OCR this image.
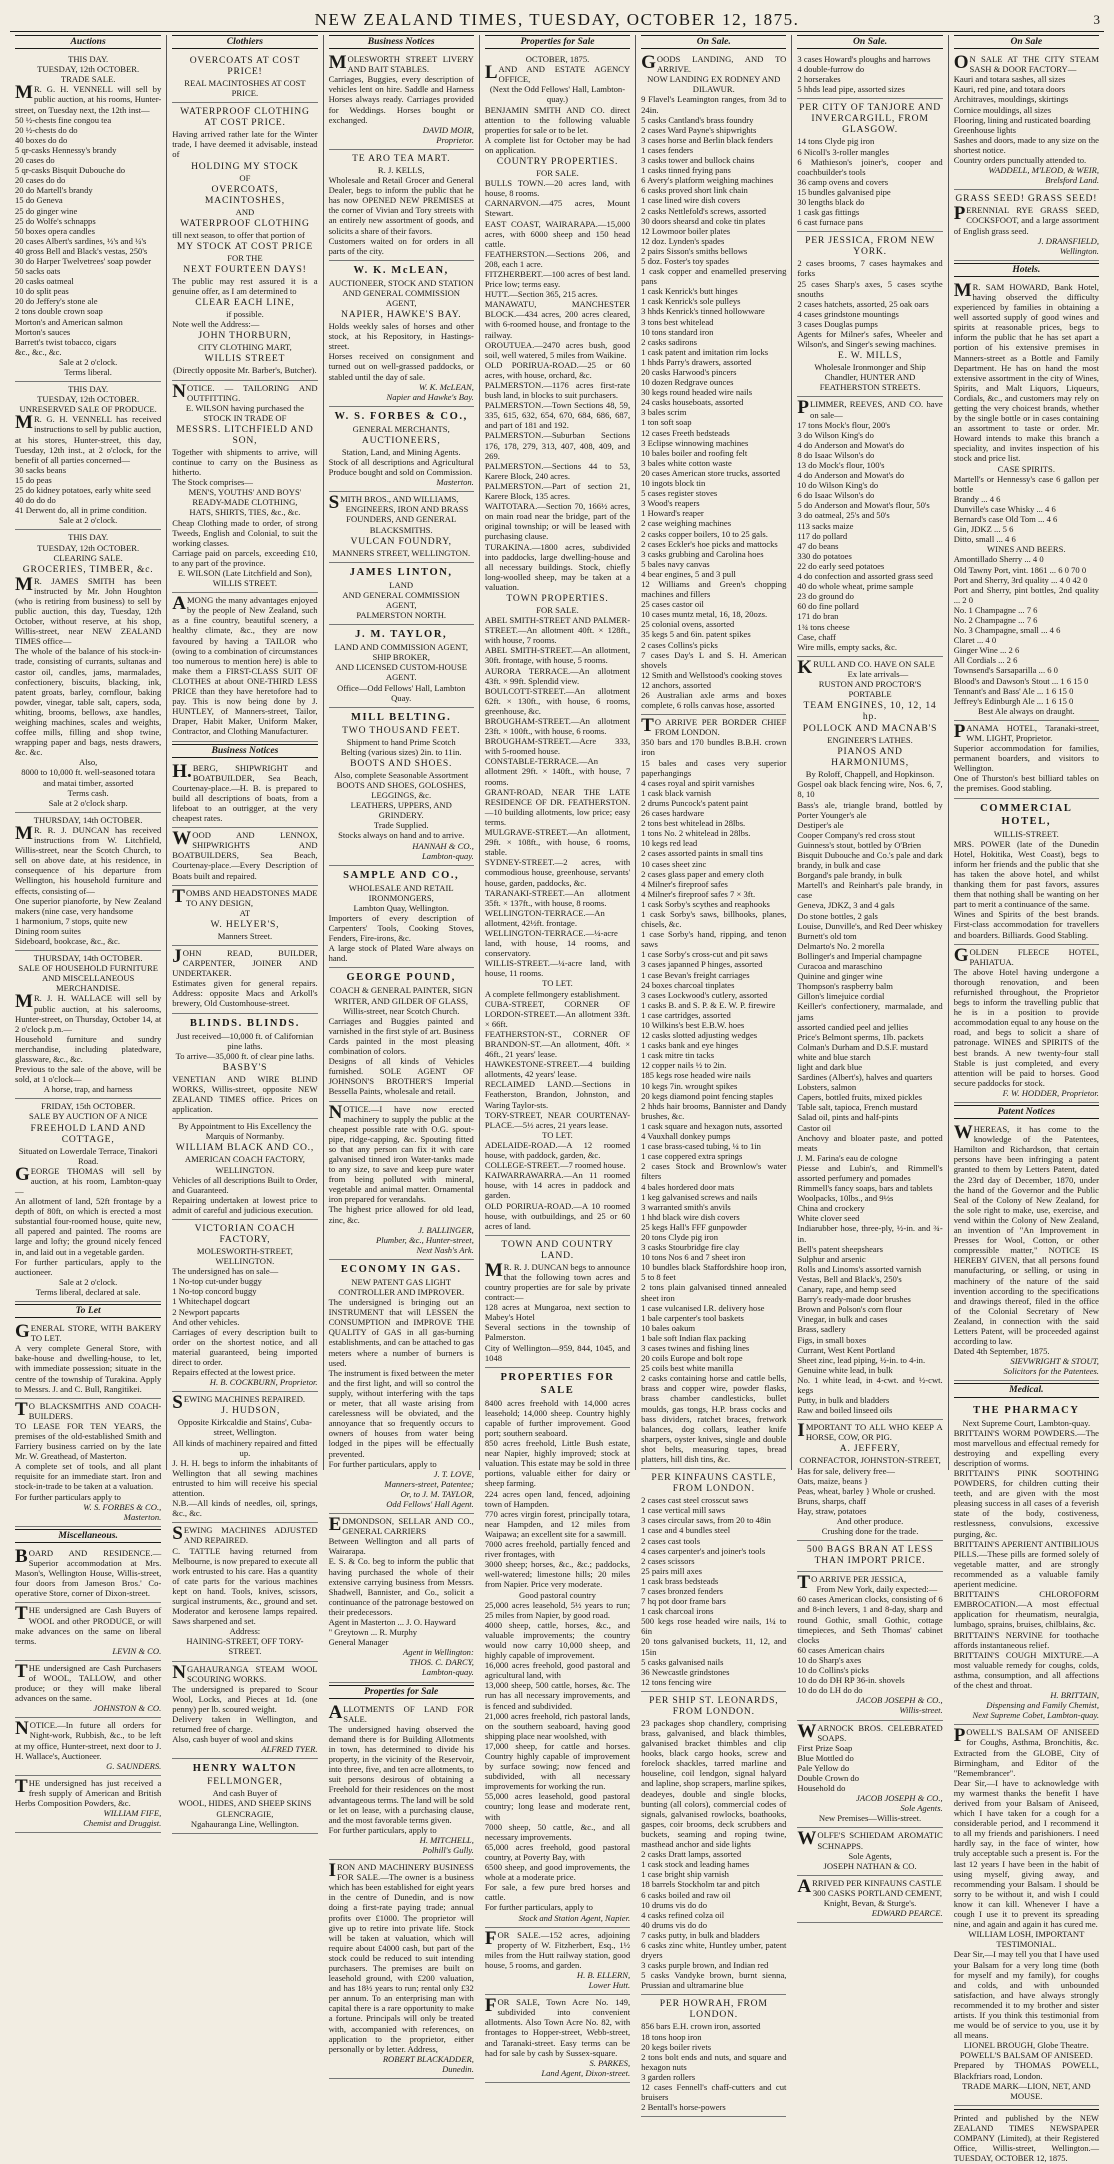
NEW ZEALAND TIMES, TUESDAY, OCTOBER 12, 1875.	3
Auctions

THIS DAY.

TUESDAY, 12th OCTOBER.

TRADE SALE.

MR. G. H. VENNELL will sell by public auction, at his rooms, Hunter-street, on Tuesday next, the 12th inst—

50 ½-chests fine congou tea
20 ½-chests do do
40 boxes do do
5 qr-casks Hennessy's brandy
20 cases do
5 qr-casks Bisquit Dubouche do
20 cases do do
20 do Martell's brandy
15 do Geneva
25 do ginger wine
25 do Wolfe's schnapps
50 boxes opera candles
20 cases Albert's sardines, ½'s and ¼'s
40 gross Bell and Black's vestas, 250's
30 do Harper Twelvetrees' soap powder
50 sacks oats
20 casks oatmeal
10 do split peas
20 do Jeffery's stone ale
2 tons double crown soap
Morton's and American salmon
Morton's sauces
Barrett's twist tobacco, cigars
&c., &c., &c.

Sale at 2 o'clock.

Terms liberal.

THIS DAY.

TUESDAY, 12th OCTOBER.

UNRESERVED SALE OF PRODUCE.

MR. G. H. VENNELL has received instructions to sell by public auction, at his stores, Hunter-street, this day, Tuesday, 12th inst., at 2 o'clock, for the benefit of all parties concerned—

30 sacks beans
15 do peas
25 do kidney potatoes, early white seed
40 do do do
41 Derwent do, all in prime condition.

Sale at 2 o'clock.

THIS DAY.

TUESDAY, 12th OCTOBER.

CLEARING SALE.

GROCERIES, TIMBER, &c.

MR. JAMES SMITH has been instructed by Mr. John Houghton (who is retiring from business) to sell by public auction, this day, Tuesday, 12th October, without reserve, at his shop, Willis-street, near NEW ZEALAND TIMES office—

The whole of the balance of his stock-in-trade, consisting of currants, sultanas and castor oil, candles, jams, marmalades, confectionery, biscuits, blacking, ink, patent groats, barley, cornflour, baking powder, vinegar, table salt, capers, soda, whiting, brooms, bellows, axe handles, weighing machines, scales and weights, coffee mills, filling and shop twine, wrapping paper and bags, nests drawers, &c. &c.

Also,

8000 to 10,000 ft. well-seasoned totara and matai timber, assorted

Terms cash.

Sale at 2 o'clock sharp.

THURSDAY, 14th OCTOBER.

MR. R. J. DUNCAN has received instructions from W. Litchfield, Willis-street, near the Scotch Church, to sell on above date, at his residence, in consequence of his departure from Wellington, his household furniture and effects, consisting of—

One superior pianoforte, by New Zealand makers (nine case, very handsome
1 harmonium, 7 stops, quite new
Dining room suites
Sideboard, bookcase, &c., &c.

THURSDAY, 14th OCTOBER.

SALE OF HOUSEHOLD FURNITURE AND MISCELLANEOUS MERCHANDISE.

MR. J. H. WALLACE will sell by public auction, at his salerooms, Hunter-street, on Thursday, October 14, at 2 o'clock p.m.—

Household furniture and sundry merchandise, including platedware, glassware, &c., &c.

Previous to the sale of the above, will be sold, at 1 o'clock—

A horse, trap, and harness

FRIDAY, 15th OCTOBER.

SALE BY AUCTION OF A NICE

FREEHOLD LAND AND COTTAGE,

Situated on Lowerdale Terrace, Tinakori Road.

GEORGE THOMAS will sell by auction, at his room, Lambton-quay—

An allotment of land, 52ft frontage by a depth of 80ft, on which is erected a most substantial four-roomed house, quite new, all papered and painted. The rooms are large and lofty; the ground nicely fenced in, and laid out in a vegetable garden.

For further particulars, apply to the auctioneer.

Sale at 2 o'clock.

Terms liberal, declared at sale.

To Let

GENERAL STORE, WITH BAKERY TO LET.

A very complete General Store, with bake-house and dwelling-house, to let, with immediate possession; situate in the centre of the township of Turakina. Apply to Messrs. J. and C. Bull, Rangitikei.

TO BLACKSMITHS AND COACH-BUILDERS.

TO LEASE FOR TEN YEARS, the premises of the old-established Smith and Farriery business carried on by the late Mr. W. Greathead, of Masterton.

A complete set of tools, and all plant requisite for an immediate start. Iron and stock-in-trade to be taken at a valuation.

For further particulars apply to

W. S. FORBES & CO.,
Masterton.

Miscellaneous.

BOARD AND RESIDENCE.—Superior accommodation at Mrs. Mason's, Wellington House, Willis-street, four doors from Jameson Bros.' Co-operative Store, corner of Dixon-street.

THE undersigned are Cash Buyers of WOOL and other PRODUCE, or will make advances on the same on liberal terms.

LEVIN & CO.

THE undersigned are Cash Purchasers of WOOL, TALLOW, and other produce; or they will make liberal advances on the same.

JOHNSTON & CO.

NOTICE.—In future all orders for Night-work, Rubbish, &c., to be left at my office, Hunter-street, next door to J. H. Wallace's, Auctioneer.

G. SAUNDERS.

THE undersigned has just received a fresh supply of American and British Herbs Composition Powders, &c.

WILLIAM FIFE,
Chemist and Druggist.

Clothiers

OVERCOATS AT COST PRICE!

REAL MACINTOSHES AT COST PRICE.

WATERPROOF CLOTHING AT COST PRICE.

Having arrived rather late for the Winter trade, I have deemed it advisable, instead of

HOLDING MY STOCK

OF

OVERCOATS, MACINTOSHES,

AND

WATERPROOF CLOTHING

till next season, to offer that portion of

MY STOCK AT COST PRICE

FOR THE

NEXT FOURTEEN DAYS!

The public may rest assured it is a genuine offer, as I am determined to

CLEAR EACH LINE,

if possible.

Note well the Address:—

JOHN THORBURN,

CITY CLOTHING MART,

WILLIS STREET

(Directly opposite Mr. Barber's, Butcher).

NOTICE. — TAILORING AND OUTFITTING.

E. WILSON having purchased the

STOCK IN TRADE OF

MESSRS. LITCHFIELD AND SON,

Together with shipments to arrive, will continue to carry on the Business as hitherto.

The Stock comprises—

MEN'S, YOUTHS' AND BOYS' READY-MADE CLOTHING,

HATS, SHIRTS, TIES, &c., &c.

Cheap Clothing made to order, of strong Tweeds, English and Colonial, to suit the working classes.

Carriage paid on parcels, exceeding £10, to any part of the province.

E. WILSON (Late Litchfield and Son), WILLIS STREET.

AMONG the many advantages enjoyed by the people of New Zealand, such as a fine country, beautiful scenery, a healthy climate, &c., they are now favoured by having a TAILOR who (owing to a combination of circumstances too numerous to mention here) is able to make them a FIRST-CLASS SUIT OF CLOTHES at about ONE-THIRD LESS PRICE than they have heretofore had to pay. This is now being done by J. HUNTLEY, of Manners-street, Tailor, Draper, Habit Maker, Uniform Maker, Contractor, and Clothing Manufacturer.

Business Notices

H.BERG, SHIPWRIGHT and BOATBUILDER, Sea Beach, Courtenay-place.—H. B. is prepared to build all descriptions of boats, from a lifeboat to an outrigger, at the very cheapest rates.

WOOD AND LENNOX, SHIPWRIGHTS AND BOATBUILDERS, Sea Beach, Courtenay-place.—Every Description of Boats built and repaired.

TOMBS AND HEADSTONES MADE TO ANY DESIGN,

AT

W. HELYER'S,

Manners Street.

JOHN READ, BUILDER, CARPENTER, JOINER AND UNDERTAKER.

Estimates given for general repairs. Address: opposite Macs and Arkoll's brewery, Old Customhouse-street.

BLINDS. BLINDS.

Just received—10,000 ft. of Californian pine laths.

To arrive—35,000 ft. of clear pine laths.

BASBY'S

VENETIAN AND WIRE BLIND WORKS, Willis-street, opposite NEW ZEALAND TIMES office. Prices on application.

By Appointment to His Excellency the Marquis of Normanby.

WILLIAM BLACK AND CO.,

AMERICAN COACH FACTORY, WELLINGTON.

Vehicles of all descriptions Built to Order, and Guaranteed.

Repairing undertaken at lowest price to admit of careful and judicious execution.

VICTORIAN COACH FACTORY,

MOLESWORTH-STREET, WELLINGTON.

The undersigned has on sale—

1 No-top cut-under buggy
1 No-top concord buggy
1 Whitechapel dogcart
2 Newport papcarts
And other vehicles.

Carriages of every description built to order on the shortest notice, and all material guaranteed, being imported direct to order.

Repairs effected at the lowest price.

H. B. COCKBURN, Proprietor.

SEWING MACHINES REPAIRED.

J. HUDSON,

Opposite Kirkcaldie and Stains', Cuba-street, Wellington.

All kinds of machinery repaired and fitted up.

J. H. H. begs to inform the inhabitants of Wellington that all sewing machines entrusted to him will receive his special attention.

N.B.—All kinds of needles, oil, springs, &c., &c.

SEWING MACHINES ADJUSTED AND REPAIRED.

C. TATTLE having returned from Melbourne, is now prepared to execute all work entrusted to his care. Has a quantity of cate parts for the various machines kept on hand. Tools, knives, scissors, surgical instruments, &c., ground and set. Moderator and kerosene lamps repaired. Saws sharpened and set.

Address:

HAINING-STREET, OFF TORY-STREET.

NGAHAURANGA STEAM WOOL SCOURING WORKS.

The undersigned is prepared to Scour Wool, Locks, and Pieces at 1d. (one penny) per lb. scoured weight.

Delivery taken in Wellington, and returned free of charge.

Also, cash buyer of wool and skins

ALFRED TYER.

HENRY WALTON

FELLMONGER,

And cash Buyer of

WOOL, HIDES, AND SHEEP SKINS

GLENCRAGIE,

Ngahauranga Line, Wellington.

Business Notices

MOLESWORTH STREET LIVERY AND BAIT STABLES.

Carriages, Buggies, every description of vehicles lent on hire. Saddle and Harness Horses always ready. Carriages provided for Weddings. Horses bought or exchanged.

DAVID MOIR,
Proprietor.

TE ARO TEA MART.

R. J. KELLS,

Wholesale and Retail Grocer and General Dealer, begs to inform the public that he has now OPENED NEW PREMISES at the corner of Vivian and Tory streets with an entirely new assortment of goods, and solicits a share of their favors.

Customers waited on for orders in all parts of the city.

W. K. McLEAN,

AUCTIONEER, STOCK AND STATION AND GENERAL COMMISSION AGENT,

NAPIER, HAWKE'S BAY.

Holds weekly sales of horses and other stock, at his Repository, in Hastings-street.

Horses received on consignment and turned out on well-grassed paddocks, or stabled until the day of sale.

W. K. McLEAN,
Napier and Hawke's Bay.

W. S. FORBES & CO.,

GENERAL MERCHANTS,

AUCTIONEERS,

Station, Land, and Mining Agents.

Stock of all descriptions and Agricultural Produce bought and sold on Commission.

Masterton.

SMITH BROS., AND WILLIAMS,

ENGINEERS, IRON AND BRASS FOUNDERS, AND GENERAL BLACKSMITHS.

VULCAN FOUNDRY,

MANNERS STREET, WELLINGTON.

JAMES LINTON,

LAND

AND GENERAL COMMISSION AGENT,

PALMERSTON NORTH.

J. M. TAYLOR,

LAND AND COMMISSION AGENT, SHIP BROKER,

AND LICENSED CUSTOM-HOUSE AGENT.

Office—Odd Fellows' Hall, Lambton Quay.

MILL BELTING.

TWO THOUSAND FEET.

Shipment to hand Prime Scotch

Belting (various sizes) 2in. to 11in.

BOOTS AND SHOES.

Also, complete Seasonable Assortment

BOOTS AND SHOES, GOLOSHES, LEGGINGS, &c.

LEATHERS, UPPERS, AND GRINDERY.

Trade Supplied.

Stocks always on hand and to arrive.

HANNAH & CO.,
Lambton-quay.

SAMPLE AND CO.,

WHOLESALE AND RETAIL IRONMONGERS,

Lambton Quay, Wellington.

Importers of every description of Carpenters' Tools, Cooking Stoves, Fenders, Fire-irons, &c.

A large stock of Plated Ware always on hand.

GEORGE POUND,

COACH & GENERAL PAINTER, SIGN WRITER, AND GILDER OF GLASS, Willis-street, near Scotch Church.

Carriages and Buggies painted and varnished in the first style of art. Business Cards painted in the most pleasing combination of colors.

Designs of all kinds of Vehicles furnished. SOLE AGENT OF JOHNSON'S BROTHER'S Imperial Bessella Paints, wholesale and retail.

NOTICE.—I have now erected machinery to supply the public at the cheapest possible rate with O.G. spout-pipe, ridge-capping, &c. Spouting fitted so that any person can fix it with care galvanised tinned iron Water-tanks made to any size, to save and keep pure water from being polluted with mineral, vegetable and animal matter. Ornamental iron prepared for verandahs.

The highest price allowed for old lead, zinc, &c.

J. BALLINGER,
Plumber, &c., Hunter-street,
Next Nash's Ark.

ECONOMY IN GAS.

NEW PATENT GAS LIGHT CONTROLLER AND IMPROVER.

The undersigned is bringing out an INSTRUMENT that will LESSEN the CONSUMPTION and IMPROVE THE QUALITY of GAS in all gas-burning establishments, and can be attached to gas meters where a number of burners is used.

The instrument is fixed between the meter and the first light, and will so control the supply, without interfering with the taps or meter, that all waste arising from carelessness will be obviated, and the annoyance that so frequently occurs to owners of houses from water being lodged in the pipes will be effectually prevented.

For further particulars, apply to

J. T. LOVE,
Manners-street, Patentee;

Or, to J. M. TAYLOR,
Odd Fellows' Hall Agent.

EDMONDSON, SELLAR AND CO., GENERAL CARRIERS

Between Wellington and all parts of Wairarapa.

E. S. & Co. beg to inform the public that having purchased the whole of their extensive carrying business from Messrs. Shadwell, Bannister, and Co., solicit a continuance of the patronage bestowed on their predecessors.

Agent in Masterton ... J. O. Hayward
" Greytown ... R. Murphy
General Manager

Agent in Wellington:
THOS. C. DARCY,
Lambton-quay.

Properties for Sale

ALLOTMENTS OF LAND FOR SALE.

The undersigned having observed the demand there is for Building Allotments in town, has determined to divide his property, in the vicinity of the Reservoir, into three, five, and ten acre allotments, to suit persons desirous of obtaining a Freehold for their residences on the most advantageous terms. The land will be sold or let on lease, with a purchasing clause, and the most favorable terms given.

For further particulars, apply to

H. MITCHELL,
Polhill's Gully.

IRON AND MACHINERY BUSINESS FOR SALE.—The owner is a business which has been established for eight years in the centre of Dunedin, and is now doing a first-rate paying trade; annual profits over £1000. The proprietor will give up to retire into private life. Stock will be taken at valuation, which will require about £4000 cash, but part of the stock could be reduced to suit intending purchasers. The premises are built on leasehold ground, with £200 valuation, and has 18½ years to run; rental only £32 per annum. To an enterprising man with capital there is a rare opportunity to make a fortune. Principals will only be treated with, accompanied with references, on application to the proprietor, either personally or by letter. Address,

ROBERT BLACKADDER,
Dunedin.

Properties for Sale

OCTOBER, 1875.

LAND AND ESTATE AGENCY OFFICE,

(Next the Odd Fellows' Hall, Lambton-quay.)

BENJAMIN SMITH AND CO. direct attention to the following valuable properties for sale or to be let.

A complete list for October may be had on application.

COUNTRY PROPERTIES.

FOR SALE.

BULLS TOWN.—20 acres land, with house, 8 rooms.

CARNARVON.—475 acres, Mount Stewart.

EAST COAST, WAIRARAPA.—15,000 acres, with 6000 sheep and 150 head cattle.

FEATHERSTON.—Sections 206, and 208, each 1 acre.

FITZHERBERT.—100 acres of best land. Price low; terms easy.

HUTT.—Section 365, 215 acres.

MANAWATU, MANCHESTER BLOCK.—434 acres, 200 acres cleared, with 6-roomed house, and frontage to the railway.

OROUTUEA.—2470 acres bush, good soil, well watered, 5 miles from Waikine.

OLD PORIRUA-ROAD.—25 or 60 acres, with house, orchard, &c.

PALMERSTON.—1176 acres first-rate bush land, in blocks to suit purchasers.

PALMERSTON.—Town Sections 48, 59, 335, 615, 632, 654, 670, 684, 686, 687, and part of 181 and 192.

PALMERSTON.—Suburban Sections 176, 178, 279, 313, 407, 408, 409, and 269.

PALMERSTON.—Sections 44 to 53, Karere Block, 240 acres.

PALMERSTON.—Part of section 21, Karere Block, 135 acres.

WAITOTARA.—Section 70, 166½ acres, on main road near the bridge, part of the original township; or will be leased with purchasing clause.

TURAKINA.—1800 acres, subdivided into paddocks, large dwelling-house and all necessary buildings. Stock, chiefly long-woolled sheep, may be taken at a valuation.

TOWN PROPERTIES.

FOR SALE.

ABEL SMITH-STREET AND PALMER-STREET.—An allotment 40ft. × 128ft., with house, 7 rooms.

ABEL SMITH-STREET.—An allotment, 30ft. frontage, with house, 5 rooms.

AURORA TERRACE.—An allotment 43ft. × 99ft. Splendid view.

BOULCOTT-STREET.—An allotment 62ft. × 130ft., with house, 6 rooms, greenhouse, &c.

BROUGHAM-STREET.—An allotment 23ft. × 100ft., with house, 6 rooms.

BROUGHAM-STREET.—Acre 333, with 5-roomed house.

CONSTABLE-TERRACE.—An allotment 29ft. × 140ft., with house, 7 rooms.

GRANT-ROAD, NEAR THE LATE RESIDENCE OF DR. FEATHERSTON.—10 building allotments, low price; easy terms.

MULGRAVE-STREET.—An allotment, 29ft. × 108ft., with house, 6 rooms, stable.

SYDNEY-STREET.—2 acres, with commodious house, greenhouse, servants' house, garden, paddocks, &c.

TARANAKI-STREET.—An allotment 35ft. × 137ft., with house, 8 rooms.

WELLINGTON-TERRACE.—An allotment, 42½ft. frontage.

WELLINGTON-TERRACE.—¼-acre land, with house, 14 rooms, and conservatory.

WILLIS-STREET.—¼-acre land, with house, 11 rooms.

TO LET.

A complete fellmongery establishment.

CUBA-STREET, CORNER OF LORDON-STREET.—An allotment 33ft. × 66ft.

FEATHERSTON-ST., CORNER OF BRANDON-ST.—An allotment, 40ft. × 46ft., 21 years' lease.

HAWKESTONE-STREET.—4 building allotments, 42 years' lease.

RECLAIMED LAND.—Sections in Featherston, Brandon, Johnston, and Waring Taylor-sts.

TORY-STREET, NEAR COURTENAY-PLACE.—5½ acres, 21 years lease.

TO LET.

ADELAIDE-ROAD.—A 12 roomed house, with paddock, garden, &c.

COLLEGE-STREET.—7 roomed house.

KAIWARRAWARRA.—An 11 roomed house, with 14 acres in paddock and garden.

OLD PORIRUA-ROAD.—A 10 roomed house, with outbuildings, and 25 or 60 acres of land.

TOWN AND COUNTRY LAND.

MR. R. J. DUNCAN begs to announce that the following town acres and country properties are for sale by private contract:—

128 acres at Mungaroa, next section to Mabey's Hotel
Several sections in the township of Palmerston.
City of Wellington—959, 844, 1045, and 1048

PROPERTIES FOR SALE

8400 acres freehold with 14,000 acres leasehold; 14,000 sheep. Country highly capable of further improvement. Good port; southern seaboard.

850 acres freehold, Little Bush estate, near Napier, highly improved; stock at valuation. This estate may be sold in three portions, valuable either for dairy or sheep farming.

224 acres open land, fenced, adjoining town of Hampden.

770 acres virgin forest, principally totara, near Hampden, and 12 miles from Waipawa; an excellent site for a sawmill.

7000 acres freehold, partially fenced and river frontages, with

3000 sheep; horses, &c., &c.; paddocks, well-watered; limestone hills; 20 miles from Napier. Price very moderate.

Good pastoral country

25,000 acres leasehold, 5½ years to run; 25 miles from Napier, by good road.

4000 sheep, cattle, horses, &c., and valuable improvements; the country would now carry 10,000 sheep, and highly capable of improvement.

16,000 acres freehold, good pastoral and agricultural land, with

13,000 sheep, 500 cattle, horses, &c. The run has all necessary improvements, and is fenced and subdivided.

21,000 acres freehold, rich pastoral lands, on the southern seaboard, having good shipping place near woolshed, with

17,000 sheep, for cattle and horses. Country highly capable of improvement by surface sowing; now fenced and subdivided, with all necessary improvements for working the run.

55,000 acres leasehold, good pastoral country; long lease and moderate rent, with

7000 sheep, 50 cattle, &c., and all necessary improvements.

65,000 acres freehold, good pastoral country, at Poverty Bay, with

6500 sheep, and good improvements, the whole at a moderate price.

For sale, a few pure bred horses and cattle.

For further particulars, apply to

Stock and Station Agent, Napier.

FOR SALE.—152 acres, adjoining property of W. Fitzherbert, Esq., 1½ miles from the Hutt railway station, good house, 5 rooms, and garden.

H. B. ELLERN,
Lower Hutt.

FOR SALE, Town Acre No. 149, subdivided into convenient allotments. Also Town Acre No. 82, with frontages to Hopper-street, Webb-street, and Taranaki-street. Easy terms can be had for sale by cash by Sussex-square.

S. PARKES,
Land Agent, Dixon-street.

On Sale.

GOODS LANDING, AND TO ARRIVE.

NOW LANDING EX RODNEY AND DILAWUR.

9 Flavel's Leamington ranges, from 3d to 24in.
5 casks Cantland's brass foundry
2 cases Ward Payne's shipwrights
3 cases horse and Berlin black fenders
1 cases fenders
3 casks tower and bullock chains
1 casks tinned frying pans
6 Avery's platform weighing machines
6 casks proved short link chain
1 case lined wire dish covers
2 casks Nettlefold's screws, assorted
30 doors shearsd and coke tin plates
12 Lowmoor boiler plates
12 doz. Lynden's spades
2 pairs Sisson's smiths bellows
5 doz. Foster's toy spades
1 cask copper and enamelled preserving pans
1 cask Kenrick's butt hinges
1 cask Kenrick's sole pulleys
3 hhds Kenrick's tinned hollowware
3 tons best whitelead
10 tons standard iron
2 casks sadirons
1 cask patent and imitation rim locks
1 hhds Parry's drawers, assorted
20 casks Harwood's pincers
10 dozen Redgrave ounces
30 kegs round headed wire nails
24 casks houseboats, assorted
3 bales scrim
1 ton soft soap
12 cases Freeth bedsteads
3 Eclipse winnowing machines
10 bales boiler and roofing felt
3 bales white cotton waste
20 cases American store trucks, assorted
10 ingots block tin
5 cases register stoves
3 Wood's reapers
1 Howard's reaper
2 case weighing machines
2 casks copper boilers, 10 to 25 gals.
2 cases Eckler's hoe picks and mattocks
3 casks grubbing and Carolina hoes
5 bales navy canvas
4 bear engines, 5 and 3 pull
12 Williams and Green's chopping machines and fillers
25 cases castor oil
10 cases muntz metal, 16, 18, 20ozs.
25 colonial ovens, assorted
35 kegs 5 and 6in. patent spikes
2 cases Collins's picks
7 cases Day's L and S. H. American shovels
12 Smith and Wellstood's cooking stoves
12 anchors, assorted
26 Australian axle arms and boxes complete, 6 rolls canvas hose, assorted

TO ARRIVE PER BORDER CHIEF FROM LONDON.

350 bars and 170 bundles B.B.H. crown iron
15 bales and cases very superior paperhangings
4 cases royal and spirit varnishes
1 cask black varnish
2 drums Puncock's patent paint
26 cases hardware
2 tons best whitelead in 28lbs.
1 tons No. 2 whitelead in 28lbs.
10 kegs red lead
2 cases assorted paints in small tins
10 cases sheet zinc
2 cases glass paper and emery cloth
4 Milner's fireproof safes
4 Milner's fireproof safes 7 × 3ft.
1 cask Sorby's scythes and reaphooks
1 cask Sorby's saws, billhooks, planes, chisels, &c.
1 case Sorby's hand, ripping, and tenon saws
1 case Sorby's cross-cut and pit saws
3 cases japanned P hinges, assorted
1 case Bevan's freight carriages
24 boxes charcoal tinplates
3 cases Lockwood's cutlery, assorted
1 casks B. and S. P. & E. W. P. firewire
1 case cartridges, assorted
10 Wilkins's best E.B.W. hoes
12 casks slotted adjusting wedges
1 casks bank and eye hinges
1 cask mitre tin tacks
12 copper nails ½ to 2in.
185 kegs rose headed wire nails
10 kegs 7in. wrought spikes
20 kegs diamond point fencing staples
2 hhds hair brooms, Bannister and Dandy brushes, &c.
1 cask square and hexagon nuts, assorted
4 Vauxhall donkey pumps
1 case brass-cased tubing, ¼ to 1in
1 case coppered extra springs
2 cases Stock and Brownlow's water filters
4 bales hordered door mats
1 keg galvanised screws and nails
3 warranted smith's anvils
1 hhd black wire dish covers
25 kegs Hall's FFF gunpowder
20 tons Clyde pig iron
3 casks Stourbridge fire clay
10 tons Nos 6 and 7 sheet iron
10 bundles black Staffordshire hoop iron, 5 to 8 feet
2 tons plain galvanised tinned annealed sheet iron
1 case vulcanised I.R. delivery hose
1 bale carpenter's tool baskets
10 bales oakum
1 bale soft Indian flax packing
3 cases twines and fishing lines
20 coils Europe and bolt rope
25 coils best white manilla
2 casks containing horse and cattle bells, brass and copper wire, powder flasks, brass chamber candlesticks, bullet moulds, gas tongs, H.P. brass cocks and bass dividers, ratchet braces, fretwork balances, dog collars, leather knife sharpers, oyster knives, single and double shot belts, measuring tapes, bread platters, hill dish tins, &c.

PER KINFAUNS CASTLE, FROM LONDON.

2 cases cast steel crosscut saws
1 case vertical mill saws
3 cases circular saws, from 20 to 48in
1 case and 4 bundles steel
2 cases cast tools
4 cases carpenter's and joiner's tools
2 cases scissors
25 pairs mill axes
1 cask brass bedsteads
7 cases bronzed fenders
7 hq pot door frame bars
1 cask charcoal irons
500 kegs rose headed wire nails, 1¼ to 6in
20 tons galvanised buckets, 11, 12, and 15in
5 casks galvanised nails
36 Newcastle grindstones
12 tons fencing wire

PER SHIP ST. LEONARDS, FROM LONDON.

23 packages shop chandlery, comprising brass, galvanised, and black thimbles, galvanised bracket thimbles and clip hooks, black cargo hooks, screw and forelock shackles, tarred marline and houseline, coil lendgon, signal halyard and lapline, shop scrapers, marline spikes, deadeyes, double and single blocks, bunting (all colors), commercial codes of signals, galvanised rowlocks, boathooks, gaspes, coir brooms, deck scrubbers and buckets, seaming and roping twine, masthead anchor and side lights

2 casks Dratt lamps, assorted
1 cask stock and leading hames
1 case bright ship varnish
18 barrels Stockholm tar and pitch
6 casks boiled and raw oil
10 drums vis do do
4 casks refined colza oil
40 drums vis do do
7 casks putty, in bulk and bladders
6 casks zinc white, Huntley umber, patent dryers
3 casks purple brown, and Indian red
5 casks Vandyke brown, burnt sienna, Prussian and ultramarine blue

PER HOWRAH, FROM LONDON.

856 bars E.H. crown iron, assorted
18 tons hoop iron
20 kegs boiler rivets
2 tons bolt ends and nuts, and square and hexagon nuts
3 garden rollers
12 cases Fennell's chaff-cutters and cut bruisers
2 Bentall's horse-powers

On Sale.

3 cases Howard's ploughs and harrows
4 double-furrow do
2 horserakes
5 hhds lead pipe, assorted sizes

PER CITY OF TANJORE AND INVERCARGILL, FROM GLASGOW.

14 tons Clyde pig iron
6 Nicoll's 3-roller mangles
6 Mathieson's joiner's, cooper and coachbuilder's tools
36 camp ovens and covers
15 bundles galvanised pipe
30 lengths black do
1 cask gas fittings
6 cast furnace pans

PER JESSICA, FROM NEW YORK.

2 cases brooms, 7 cases haymakes and forks
25 cases Sharp's axes, 5 cases scythe snouths
2 cases hatchets, assorted, 25 oak oars
4 cases grindstone mountings
3 cases Douglas pumps

Agents for Milner's safes, Wheeler and Wilson's, and Singer's sewing machines.

E. W. MILLS,

Wholesale Ironmonger and Ship Chandler, HUNTER AND FEATHERSTON STREETS.

PLIMMER, REEVES, AND CO. have on sale—

17 tons Mock's flour, 200's
3 do Wilson King's do
4 do Anderson and Mowat's do
8 do Isaac Wilson's do
13 do Mock's flour, 100's
4 do Anderson and Mowat's do
10 do Wilson King's do
6 do Isaac Wilson's do
5 do Anderson and Mowat's flour, 50's
3 do oatmeal, 25's and 50's
113 sacks maize
117 do pollard
47 do beans
330 do potatoes
22 do early seed potatoes
4 do confection and assorted grass seed
40 do whole wheat, prime sample
23 do ground do
60 do fine pollard
171 do bran
1¾ tons cheese
Case, chaff
Wire mills, empty sacks, &c.

KRULL AND CO. HAVE ON SALE

Ex late arrivals—

RUSTON AND PROCTOR'S PORTABLE

TEAM ENGINES, 10, 12, 14 hp.

POLLOCK AND MACNAB'S

ENGINEER'S LATHES.

PIANOS AND HARMONIUMS,

By Roloff, Chappell, and Hopkinson.

Gospel oak black fencing wire, Nos. 6, 7, 8, 10
Bass's ale, triangle brand, bottled by Porter Younger's ale
Destiper's ale
Cooper Company's red cross stout
Guinness's stout, bottled by O'Brien
Bisquit Dubouche and Co.'s pale and dark brandy, in bulk and case
Borgand's pale brandy, in bulk
Martell's and Reinhart's pale brandy, in case
Geneva, JDKZ, 3 and 4 gals
Do stone bottles, 2 gals
Louise, Dunville's, and Red Deer whiskey
Burnett's old tom
Delmarto's No. 2 morella
Bollinger's and Imperial champagne
Curacoa and maraschino
Quinine and ginger wine
Thompson's raspberry balm
Gillon's limejuice cordial
Keiller's confectionery, marmalade, and jams
assorted candied peel and jellies
Price's Belmont sperms, 1lb. packets
Colman's Durham and D.S.F. mustard
white and blue starch
light and dark blue
Sardines (Albert's), halves and quarters
Lobsters, salmon
Capers, bottled fruits, mixed pickles
Table salt, tapioca, French mustard
Salad oil, pints and half-pints
Castor oil
Anchovy and bloater paste, and potted meats
J. M. Farina's eau de cologne
Piesse and Lubin's, and Rimmell's assorted perfumery and pomades
Rimmell's fancy soaps, bars and tablets
Woolpacks, 10lbs., and 9½s
China and crockery
White clover seed
Indiarubber hose, three-ply, ½-in. and ¾-in.
Bell's patent sheepshears
Sulphur and arsenic
Rolls and Linoms's assorted varnish
Vestas, Bell and Black's, 250's
Canary, rape, and hemp seed
Barry's ready-made door brushes
Brown and Polson's corn flour
Vinegar, in bulk and cases
Brass, sadlery
Figs, in small boxes
Currant, West Kent Portland
Sheet zinc, lead piping, ½-in. to 4-in.
Genuine white lead, in bulk
No. 1 white lead, in 4-cwt. and ½-cwt. kegs
Putty, in bulk and bladders
Raw and boiled linseed oils

IMPORTANT TO ALL WHO KEEP A HORSE, COW, OR PIG.

A. JEFFERY,

CORNFACTOR, JOHNSTON-STREET,

Has for sale, delivery free—

Oats, maize, beans }
Peas, wheat, barley } Whole or crushed.
Bruns, sharps, chaff
Hay, straw, potatoes

And other produce.

Crushing done for the trade.

500 BAGS BRAN AT LESS THAN IMPORT PRICE.

TO ARRIVE PER JESSICA,

From New York, daily expected:—

60 cases American clocks, consisting of 6 and 8-inch levers, 1 and 8-day, sharp and round Gothic, small Gothic, cottage timepieces, and Seth Thomas' cabinet clocks
60 cases American chairs
10 do Sharp's axes
10 do Collins's picks
10 do do DH RP 36-in. shovels
10 do do LH do do

JACOB JOSEPH & CO.,
Willis-street.

WARNOCK BROS. CELEBRATED SOAPS.

First Prize Soap
Blue Mottled do
Pale Yellow do
Double Crown do
Household do

JACOB JOSEPH & CO.,
Sole Agents.

New Premises—Willis-street.

WOLFE'S SCHIEDAM AROMATIC SCHNAPPS.

Sole Agents,

JOSEPH NATHAN & CO.

ARRIVED PER KINFAUNS CASTLE

300 CASKS PORTLAND CEMENT,

Knight, Bevan, & Sturge's.

EDWARD PEARCE.

On Sale

ON SALE AT THE CITY STEAM SASH & DOOR FACTORY—

Kauri and totara sashes, all sizes
Kauri, red pine, and totara doors
Architraves, mouldings, skirtings
Cornice mouldings, all sizes
Flooring, lining and rusticated boarding
Greenhouse lights

Sashes and doors, made to any size on the shortest notice.

Country orders punctually attended to.

WADDELL, M'LEOD, & WEIR,
Brelsford Land.

GRASS SEED! GRASS SEED!

PERENNIAL RYE GRASS SEED, COCKSFOOT, and a large assortment of English grass seed.

J. DRANSFIELD,
Wellington.

Hotels.

MR. SAM HOWARD, Bank Hotel, having observed the difficulty experienced by families in obtaining a well assorted supply of good wines and spirits at reasonable prices, begs to inform the public that he has set apart a portion of his extensive premises in Manners-street as a Bottle and Family Department. He has on hand the most extensive assortment in the city of Wines, Spirits, and Malt Liquors, Liqueurs, Cordials, &c., and customers may rely on getting the very choicest brands, whether by the single bottle or in cases containing an assortment to taste or order. Mr. Howard intends to make this branch a speciality, and invites inspection of his stock and price list.

CASE SPIRITS.

Martell's or Hennessy's case 6 gallon per bottle
Brandy ... 4 6
Dunville's case Whisky ... 4 6
Bernard's case Old Tom ... 4 6
Gin, JDKZ ... 5 6
Ditto, small ... 4 6

WINES AND BEERS.

Amontillado Sherry ... 4 0
Old Tawny Port, vint. 1861 ... 6 0 70 0
Port and Sherry, 3rd quality ... 4 0 42 0
Port and Sherry, pint bottles, 2nd quality ... 2 0
No. 1 Champagne ... 7 6
No. 2 Champagne ... 7 6
No. 3 Champagne, small ... 4 6
Claret ... 4 0
Ginger Wine ... 2 6
All Cordials ... 2 6
Townsend's Sarsaparilla ... 6 0
Blood's and Dawson's Stout ... 1 6 15 0
Tennant's and Bass' Ale ... 1 6 15 0
Jeffrey's Edinburgh Ale ... 1 6 15 0

Best Ale always on draught.

PANAMA HOTEL, Taranaki-street, WM. LIGHT, Proprietor.

Superior accommodation for families, permanent boarders, and visitors to Wellington.

One of Thurston's best billiard tables on the premises. Good stabling.

COMMERCIAL HOTEL,

WILLIS-STREET.

MRS. POWER (late of the Dunedin Hotel, Hokitika, West Coast), begs to inform her friends and the public that she has taken the above hotel, and whilst thanking them for past favors, assures them that nothing shall be wanting on her part to merit a continuance of the same.

Wines and Spirits of the best brands. First-class accommodation for travellers and boarders. Billiards. Good Stabling.

GOLDEN FLEECE HOTEL, PAHIATUA.

The above Hotel having undergone a thorough renovation, and been refurnished throughout, the Proprietor begs to inform the travelling public that he is in a position to provide accommodation equal to any house on the road, and begs to solicit a share of patronage. WINES and SPIRITS of the best brands. A new twenty-four stall Stable is just completed, and every attention will be paid to horses. Good secure paddocks for stock.

F. W. HODDER, Proprietor.

Patent Notices

WHEREAS, it has come to the knowledge of the Patentees, Hamilton and Richardson, that certain persons have been infringing a patent granted to them by Letters Patent, dated the 23rd day of December, 1870, under the hand of the Governor and the Public Seal of the Colony of New Zealand, for the sole right to make, use, exercise, and vend within the Colony of New Zealand, an invention of "An Improvement in Presses for Wool, Cotton, or other compressible matter," NOTICE IS HEREBY GIVEN, that all persons found manufacturing, or selling, or using in machinery of the nature of the said invention according to the specifications and drawings thereof, filed in the office of the Colonial Secretary of New Zealand, in connection with the said Letters Patent, will be proceeded against according to law.

Dated 4th September, 1875.

SIEVWRIGHT & STOUT,
Solicitors for the Patentees.

Medical.

THE PHARMACY

Next Supreme Court, Lambton-quay.

BRITTAIN'S WORM POWDERS.—The most marvellous and effectual remedy for destroying and expelling every description of worms.

BRITTAIN'S PINK SOOTHING POWDERS, for children cutting their teeth, and are given with the most pleasing success in all cases of a feverish state of the body, costiveness, restlessness, convulsions, excessive purging, &c.

BRITTAIN'S APERIENT ANTIBILIOUS PILLS.—These pills are formed solely of vegetable matter, and are strongly recommended as a valuable family aperient medicine.

BRITTAIN'S CHLOROFORM EMBROCATION.—A most effectual application for rheumatism, neuralgia, lumbago, sprains, bruises, chilblains, &c.

BRITTAIN'S NERVINE for toothache affords instantaneous relief.

BRITTAIN'S COUGH MIXTURE.—A most valuable remedy for coughs, colds, asthma, consumption, and all affections of the chest and throat.

H. BRITTAIN,
Dispensing and Family Chemist,
Next Supreme Cobet, Lambton-quay.

POWELL'S BALSAM OF ANISEED for Coughs, Asthma, Bronchitis, &c. Extracted from the GLOBE, City of Birmingham, and Editor of the "Remembrancer".

Dear Sir,—I have to acknowledge with my warmest thanks the benefit I have derived from your Balsam of Aniseed, which I have taken for a cough for a considerable period, and I recommend it to all my friends and parishioners. I need hardly say, in the face of winter, how truly acceptable such a present is. For the last 12 years I have been in the habit of using myself, giving away, and recommending your Balsam. I should be sorry to be without it, and wish I could know it can kill. Whenever I have a cough I use it to prevent its spreading nine, and again and again it has cured me.

WILLIAM LOSH, IMPORTANT TESTIMONIAL.

Dear Sir,—I may tell you that I have used your Balsam for a very long time (both for myself and my family), for coughs and colds, and with unbounded satisfaction, and have always strongly recommended it to my brother and sister artists. If you think this testimonial from me would be of service to you, use it by all means.

LIONEL BROUGH, Globe Theatre. POWELL'S BALSAM OF ANISEED.

Prepared by THOMAS POWELL, Blackfriars road, London.

TRADE MARK—LION, NET, AND MOUSE.

Printed and published by the NEW ZEALAND TIMES NEWSPAPER COMPANY (Limited), at their Registered Office, Willis-street, Wellington.—TUESDAY, OCTOBER 12, 1875.
